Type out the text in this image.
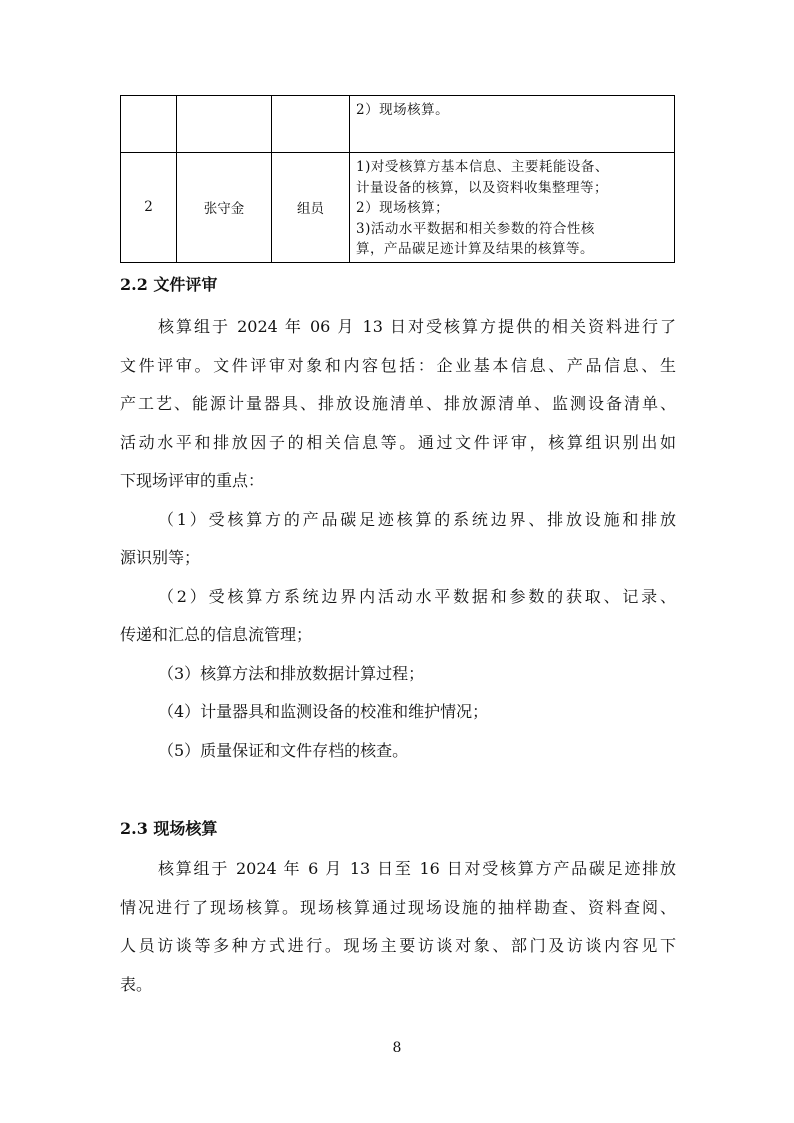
			2）现场核算。

2	张守金	组员	1)对受核算方基本信息、主要耗能设备、
计量设备的核算，以及资料收集整理等；
2）现场核算；
3)活动水平数据和相关参数的符合性核
算，产品碳足迹计算及结果的核算等。
2.2 文件评审
核算组于 2024 年 06 月 13 日对受核算方提供的相关资料进行了
文件评审。文件评审对象和内容包括：企业基本信息、产品信息、生
产工艺、能源计量器具、排放设施清单、排放源清单、监测设备清单、
活动水平和排放因子的相关信息等。通过文件评审，核算组识别出如
下现场评审的重点：
（1）受核算方的产品碳足迹核算的系统边界、排放设施和排放
源识别等；
（2）受核算方系统边界内活动水平数据和参数的获取、记录、
传递和汇总的信息流管理；
（3）核算方法和排放数据计算过程；
（4）计量器具和监测设备的校准和维护情况；
（5）质量保证和文件存档的核查。
2.3 现场核算
核算组于 2024 年 6 月 13 日至 16 日对受核算方产品碳足迹排放
情况进行了现场核算。现场核算通过现场设施的抽样勘查、资料查阅、
人员访谈等多种方式进行。现场主要访谈对象、部门及访谈内容见下
表。
8
